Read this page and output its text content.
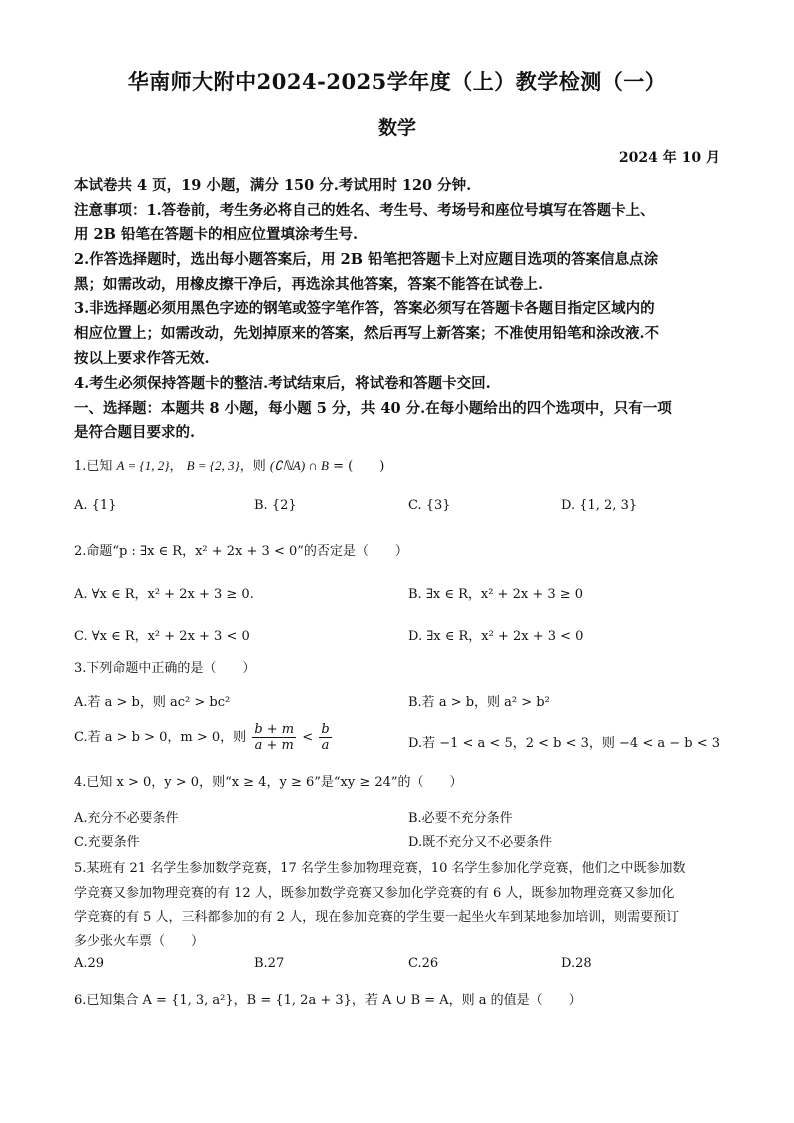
华南师大附中2024-2025学年度（上）教学检测（一）
数学
2024 年 10 月
本试卷共 4 页，19 小题，满分 150 分.考试用时 120 分钟.
注意事项：1.答卷前，考生务必将自己的姓名、考生号、考场号和座位号填写在答题卡上、
用 2B 铅笔在答题卡的相应位置填涂考生号.
2.作答选择题时，选出每小题答案后，用 2B 铅笔把答题卡上对应题目选项的答案信息点涂
黑；如需改动，用橡皮擦干净后，再选涂其他答案，答案不能答在试卷上.
3.非选择题必须用黑色字迹的钢笔或签字笔作答，答案必须写在答题卡各题目指定区域内的
相应位置上；如需改动，先划掉原来的答案，然后再写上新答案；不准使用铅笔和涂改液.不
按以上要求作答无效.
4.考生必须保持答题卡的整洁.考试结束后，将试卷和答题卡交回.
一、选择题：本题共 8 小题，每小题 5 分，共 40 分.在每小题给出的四个选项中，只有一项
是符合题目要求的.
1.已知 A = {1, 2}， B = {2, 3}，则 (∁ℕA) ∩ B = (　　)
A. {1}	B. {2}	C. {3}	D. {1, 2, 3}
2.命题“p : ∃x ∈ R，x² + 2x + 3 < 0”的否定是（　　）
A. ∀x ∈ R，x² + 2x + 3 ≥ 0.	B. ∃x ∈ R，x² + 2x + 3 ≥ 0
C. ∀x ∈ R，x² + 2x + 3 < 0	D. ∃x ∈ R，x² + 2x + 3 < 0
3.下列命题中正确的是（　　）
A.若 a > b，则 ac² > bc²	B.若 a > b，则 a² > b²
C.若 a > b > 0，m > 0，则 $\frac{b + m}{a + m} < \frac{b}{a}$	D.若 −1 < a < 5，2 < b < 3，则 −4 < a − b < 3
4.已知 x > 0，y > 0，则“x ≥ 4，y ≥ 6”是“xy ≥ 24”的（　　）
A.充分不必要条件	B.必要不充分条件
C.充要条件	D.既不充分又不必要条件
5.某班有 21 名学生参加数学竞赛，17 名学生参加物理竞赛，10 名学生参加化学竞赛，他们之中既参加数
学竞赛又参加物理竞赛的有 12 人，既参加数学竞赛又参加化学竞赛的有 6 人，既参加物理竞赛又参加化
学竞赛的有 5 人，三科都参加的有 2 人，现在参加竞赛的学生要一起坐火车到某地参加培训，则需要预订
多少张火车票（　　）
A.29	B.27	C.26	D.28
6.已知集合 A = {1, 3, a²}，B = {1, 2a + 3}，若 A ∪ B = A，则 a 的值是（　　）
